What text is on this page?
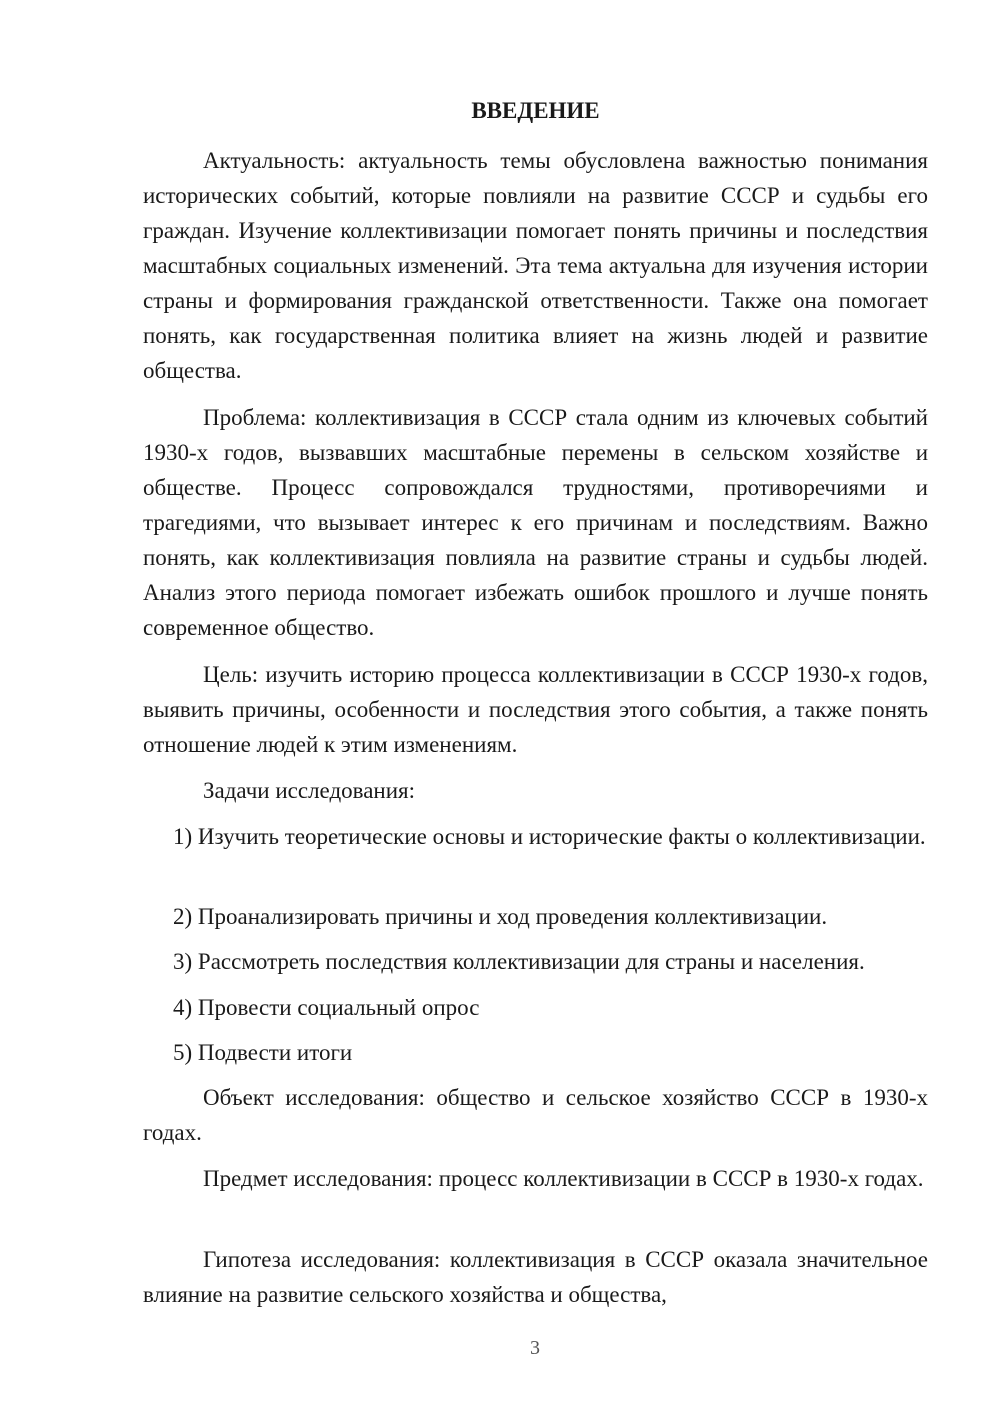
ВВЕДЕНИЕ

Актуальность: актуальность темы обусловлена важностью понимания исторических событий, которые повлияли на развитие СССР и судьбы его граждан. Изучение коллективизации помогает понять причины и последствия масштабных социальных изменений. Эта тема актуальна для изучения истории страны и формирования гражданской ответственности. Также она помогает понять, как государственная политика влияет на жизнь людей и развитие общества.

Проблема: коллективизация в СССР стала одним из ключевых событий 1930-х годов, вызвавших масштабные перемены в сельском хозяйстве и обществе. Процесс сопровождался трудностями, противоречиями и трагедиями, что вызывает интерес к его причинам и последствиям. Важно понять, как коллективизация повлияла на развитие страны и судьбы людей. Анализ этого периода помогает избежать ошибок прошлого и лучше понять современное общество.

Цель: изучить историю процесса коллективизации в СССР 1930-х годов, выявить причины, особенности и последствия этого события, а также понять отношение людей к этим изменениям.

Задачи исследования:

1) Изучить теоретические основы и исторические факты о коллективизации.

2) Проанализировать причины и ход проведения коллективизации.

3) Рассмотреть последствия коллективизации для страны и населения.

4) Провести социальный опрос

5) Подвести итоги

Объект исследования: общество и сельское хозяйство СССР в 1930-х годах.

Предмет исследования: процесс коллективизации в СССР в 1930-х годах.

Гипотеза исследования: коллективизация в СССР оказала значительное влияние на развитие сельского хозяйства и общества,

3
